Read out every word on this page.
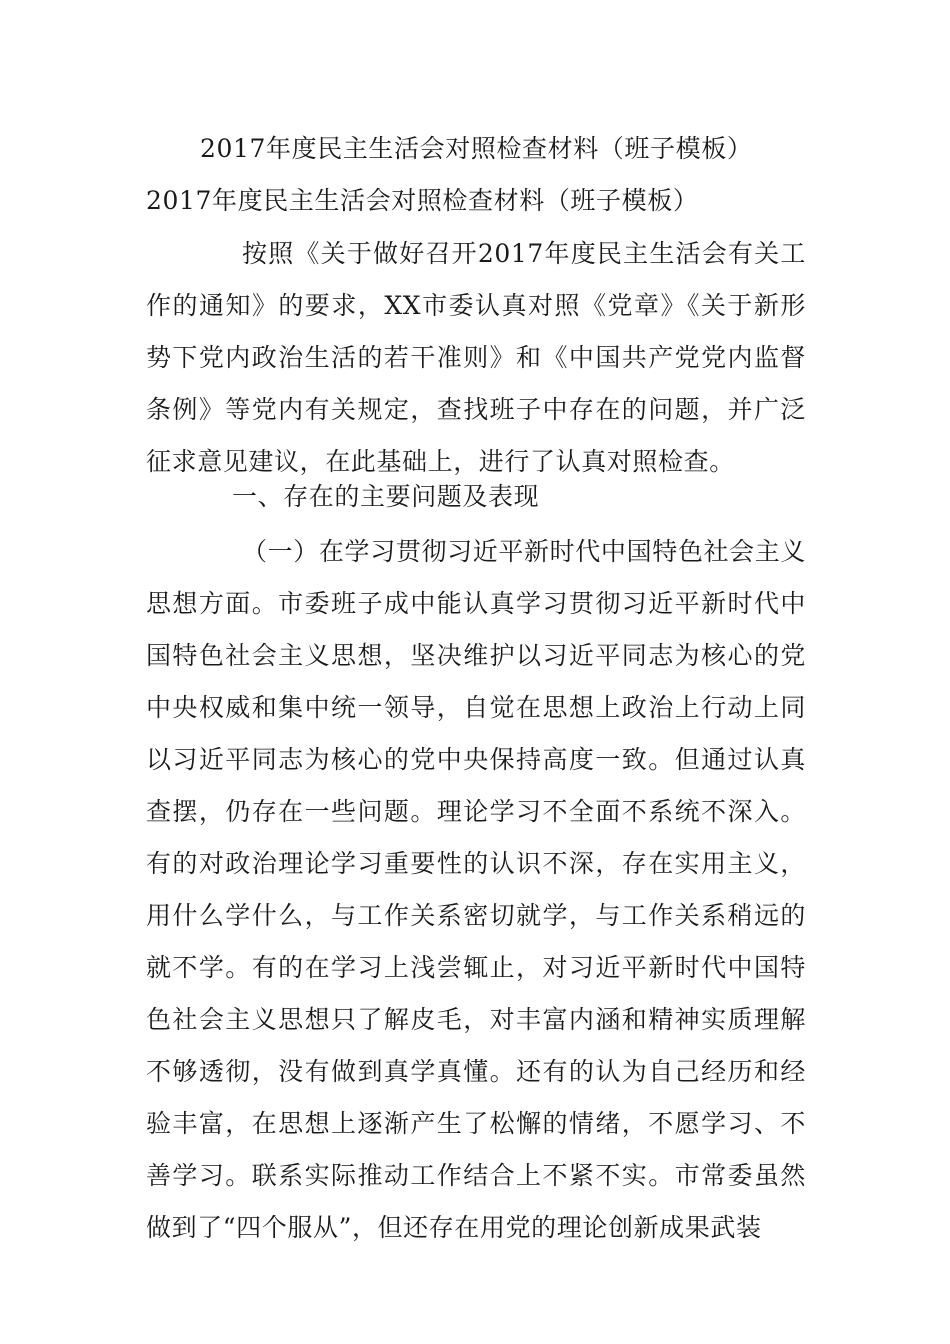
2017年度民主生活会对照检查材料（班子模板）
2017年度民主生活会对照检查材料（班子模板）
按照《关于做好召开2017年度民主生活会有关工作的通知》的要求，XX市委认真对照《党章》《关于新形势下党内政治生活的若干准则》和《中国共产党党内监督条例》等党内有关规定，查找班子中存在的问题，并广泛征求意见建议，在此基础上，进行了认真对照检查。
一、存在的主要问题及表现
（一）在学习贯彻习近平新时代中国特色社会主义思想方面。市委班子成中能认真学习贯彻习近平新时代中国特色社会主义思想，坚决维护以习近平同志为核心的党中央权威和集中统一领导，自觉在思想上政治上行动上同以习近平同志为核心的党中央保持高度一致。但通过认真查摆，仍存在一些问题。理论学习不全面不系统不深入。有的对政治理论学习重要性的认识不深，存在实用主义，用什么学什么，与工作关系密切就学，与工作关系稍远的就不学。有的在学习上浅尝辄止，对习近平新时代中国特色社会主义思想只了解皮毛，对丰富内涵和精神实质理解不够透彻，没有做到真学真懂。还有的认为自己经历和经验丰富，在思想上逐渐产生了松懈的情绪，不愿学习、不善学习。联系实际推动工作结合上不紧不实。市常委虽然做到了“四个服从”，但还存在用党的理论创新成果武装
